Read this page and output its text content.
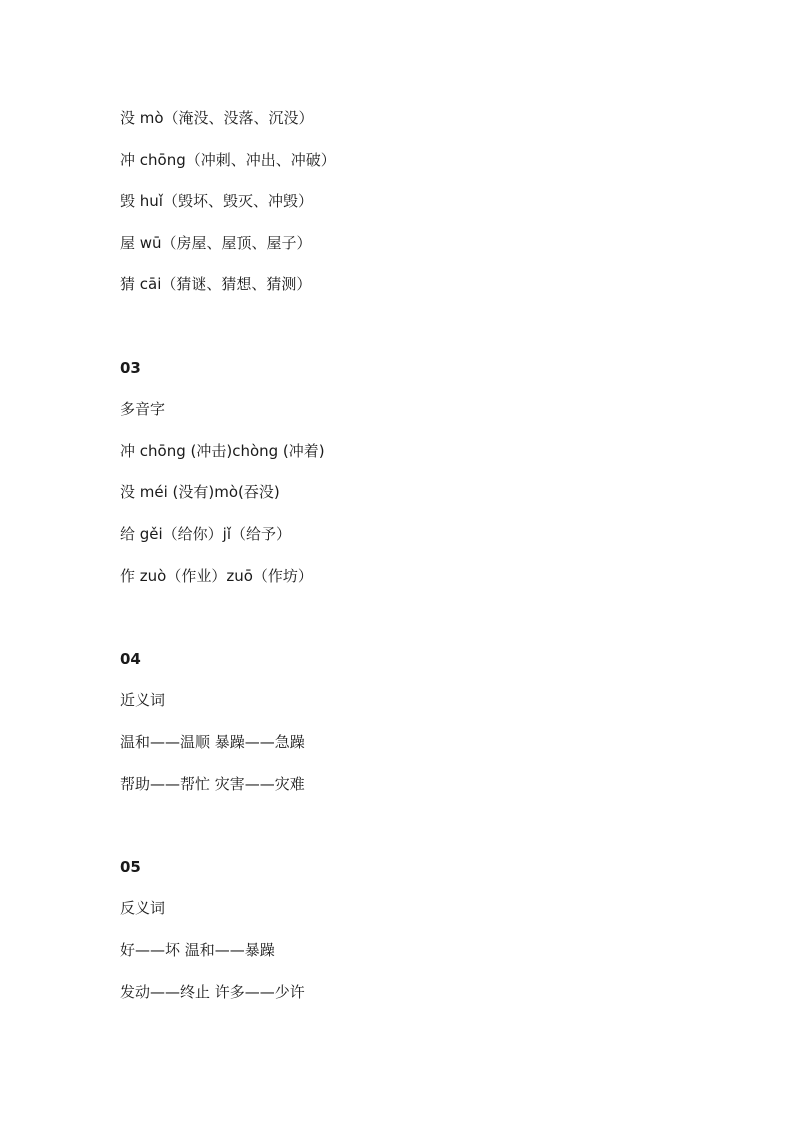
没 mò（淹没、没落、沉没）
冲 chōng（冲刺、冲出、冲破）
毁 huǐ（毁坏、毁灭、冲毁）
屋 wū（房屋、屋顶、屋子）
猜 cāi（猜谜、猜想、猜测）
03
多音字
冲 chōng (冲击)chòng (冲着)
没 méi (没有)mò(吞没)
给 gěi（给你）jǐ（给予）
作 zuò（作业）zuō（作坊）
04
近义词
温和——温顺 暴躁——急躁
帮助——帮忙 灾害——灾难
05
反义词
好——坏 温和——暴躁
发动——终止 许多——少许
